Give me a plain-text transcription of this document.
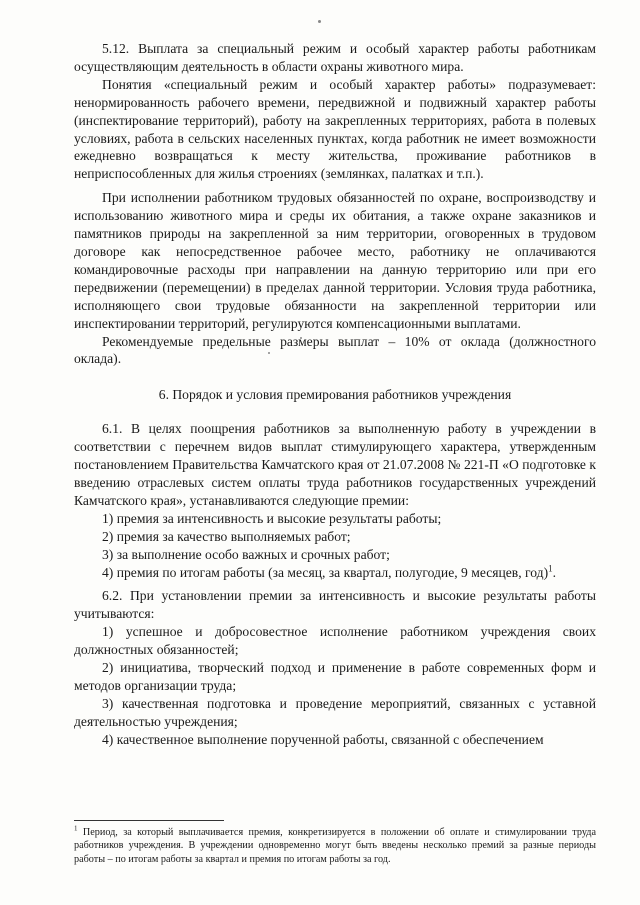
5.12. Выплата за специальный режим и особый характер работы работникам осуществляющим деятельность в области охраны животного мира.

Понятия «специальный режим и особый характер работы» подразумевает: ненормированность рабочего времени, передвижной и подвижный характер работы (инспектирование территорий), работу на закрепленных территориях, работа в полевых условиях, работа в сельских населенных пунктах, когда работник не имеет возможности ежедневно возвращаться к месту жительства, проживание работников в неприспособленных для жилья строениях (землянках, палатках и т.п.).

При исполнении работником трудовых обязанностей по охране, воспроизводству и использованию животного мира и среды их обитания, а также охране заказников и памятников природы на закрепленной за ним территории, оговоренных в трудовом договоре как непосредственное рабочее место, работнику не оплачиваются командировочные расходы при направлении на данную территорию или при его передвижении (перемещении) в пределах данной территории. Условия труда работника, исполняющего свои трудовые обязанности на закрепленной территории или инспектировании территорий, регулируются компенсационными выплатами.

Рекомендуемые предельные размеры выплат – 10% от оклада (должностного оклада).

6. Порядок и условия премирования работников учреждения

6.1. В целях поощрения работников за выполненную работу в учреждении в соответствии с перечнем видов выплат стимулирующего характера, утвержденным постановлением Правительства Камчатского края от 21.07.2008 № 221-П «О подготовке к введению отраслевых систем оплаты труда работников государственных учреждений Камчатского края», устанавливаются следующие премии:

1) премия за интенсивность и высокие результаты работы;

2) премия за качество выполняемых работ;

3) за выполнение особо важных и срочных работ;

4) премия по итогам работы (за месяц, за квартал, полугодие, 9 месяцев, год)$^1$.

6.2. При установлении премии за интенсивность и высокие результаты работы учитываются:

1) успешное и добросовестное исполнение работником учреждения своих должностных обязанностей;

2) инициатива, творческий подход и применение в работе современных форм и методов организации труда;

3) качественная подготовка и проведение мероприятий, связанных с уставной деятельностью учреждения;

4) качественное выполнение порученной работы, связанной с обеспечением

$^1$ Период, за который выплачивается премия, конкретизируется в положении об оплате и стимулировании труда работников учреждения. В учреждении одновременно могут быть введены несколько премий за разные периоды работы – по итогам работы за квартал и премия по итогам работы за год.
